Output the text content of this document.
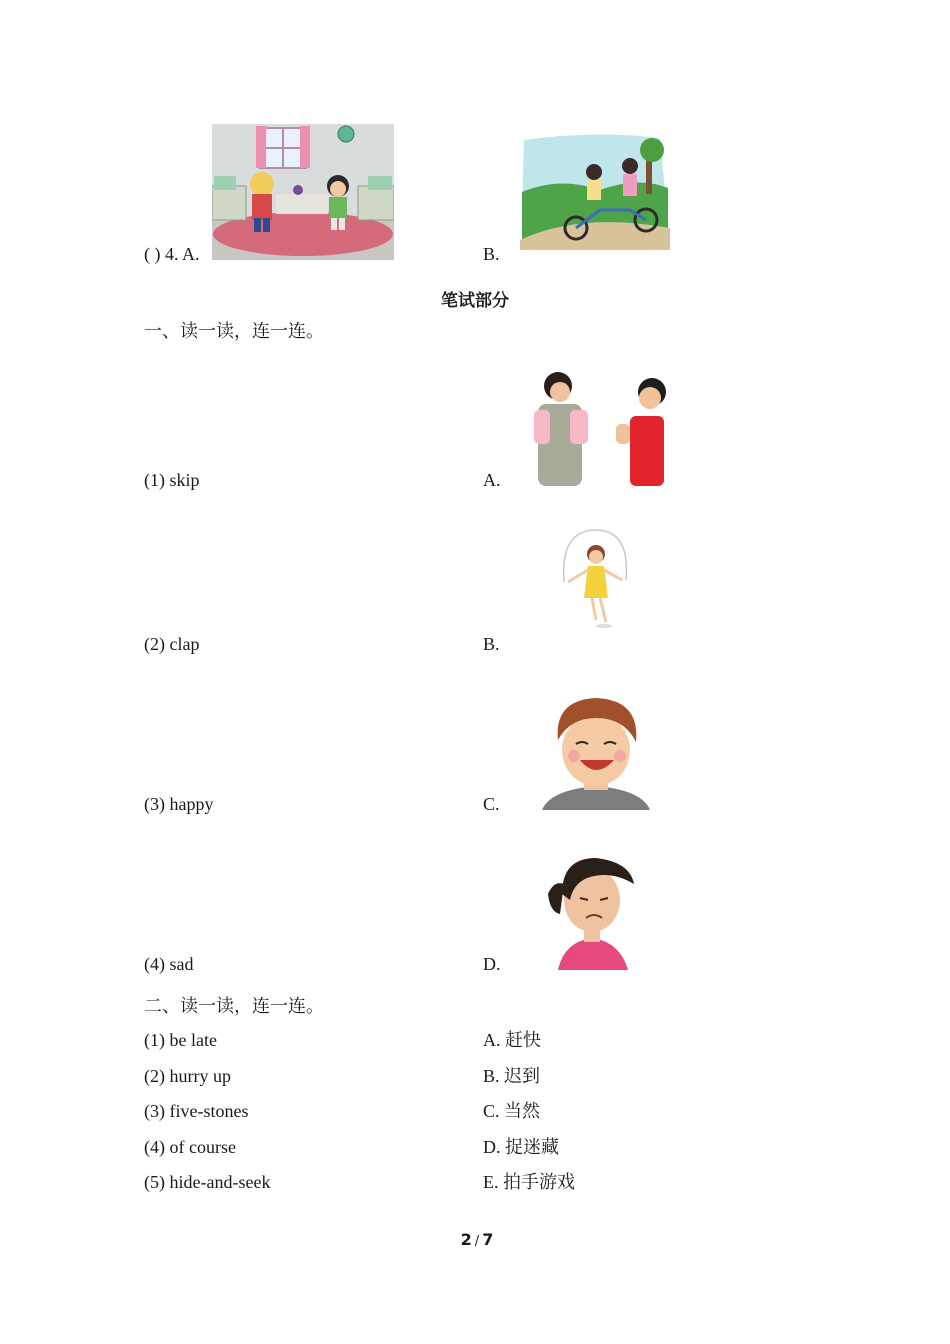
( ) 4. A.	B.
笔试部分
一、读一读，连一连。
(1) skip	A.
(2) clap	B.
(3) happy	C.
(4) sad	D.
二、读一读，连一连。
(1) be late	A. 赶快
(2) hurry up	B. 迟到
(3) five-stones	C. 当然
(4) of course	D. 捉迷藏
(5) hide-and-seek	E. 拍手游戏
2 / 7
